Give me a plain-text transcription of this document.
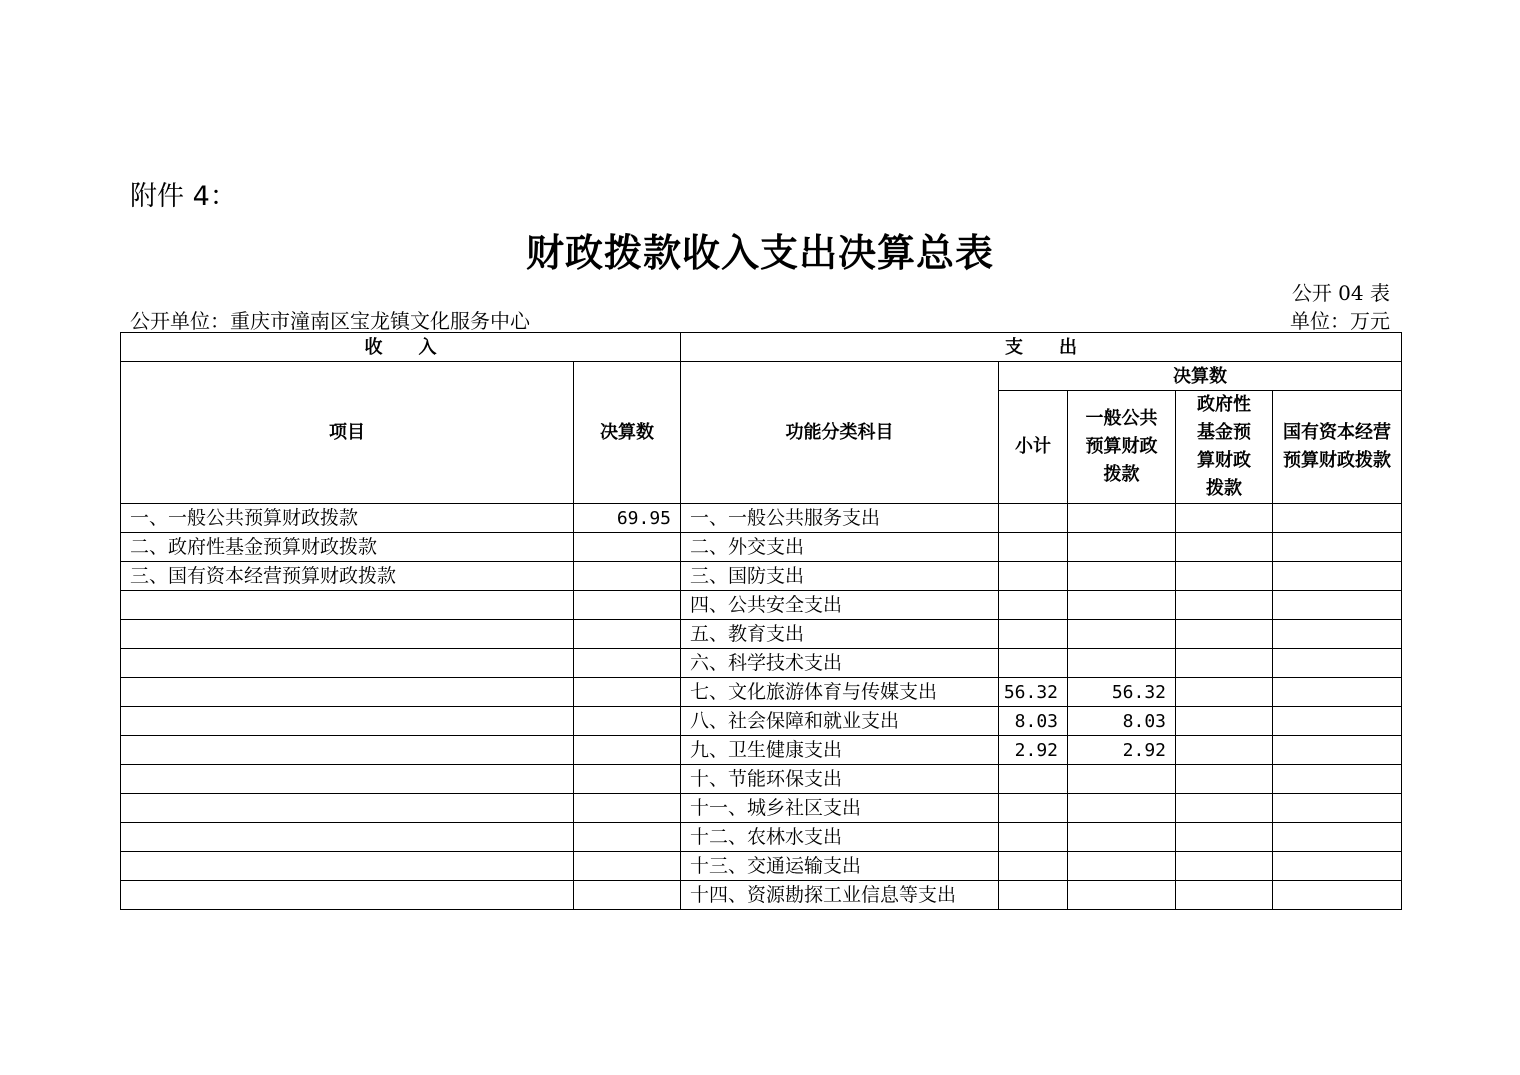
附件 4：
财政拨款收入支出决算总表
公开 04 表
公开单位：重庆市潼南区宝龙镇文化服务中心	单位：万元
收　　入		支　　出				
项目	决算数	功能分类科目	决算数			
			小计	一般公共预算财政拨款	政府性基金预算财政拨款	国有资本经营预算财政拨款
一、一般公共预算财政拨款	69.95	一、一般公共服务支出				
二、政府性基金预算财政拨款		二、外交支出				
三、国有资本经营预算财政拨款		三、国防支出				
		四、公共安全支出				
		五、教育支出				
		六、科学技术支出				
		七、文化旅游体育与传媒支出	56.32	56.32		
		八、社会保障和就业支出	8.03	8.03		
		九、卫生健康支出	2.92	2.92		
		十、节能环保支出				
		十一、城乡社区支出				
		十二、农林水支出				
		十三、交通运输支出				
		十四、资源勘探工业信息等支出				
